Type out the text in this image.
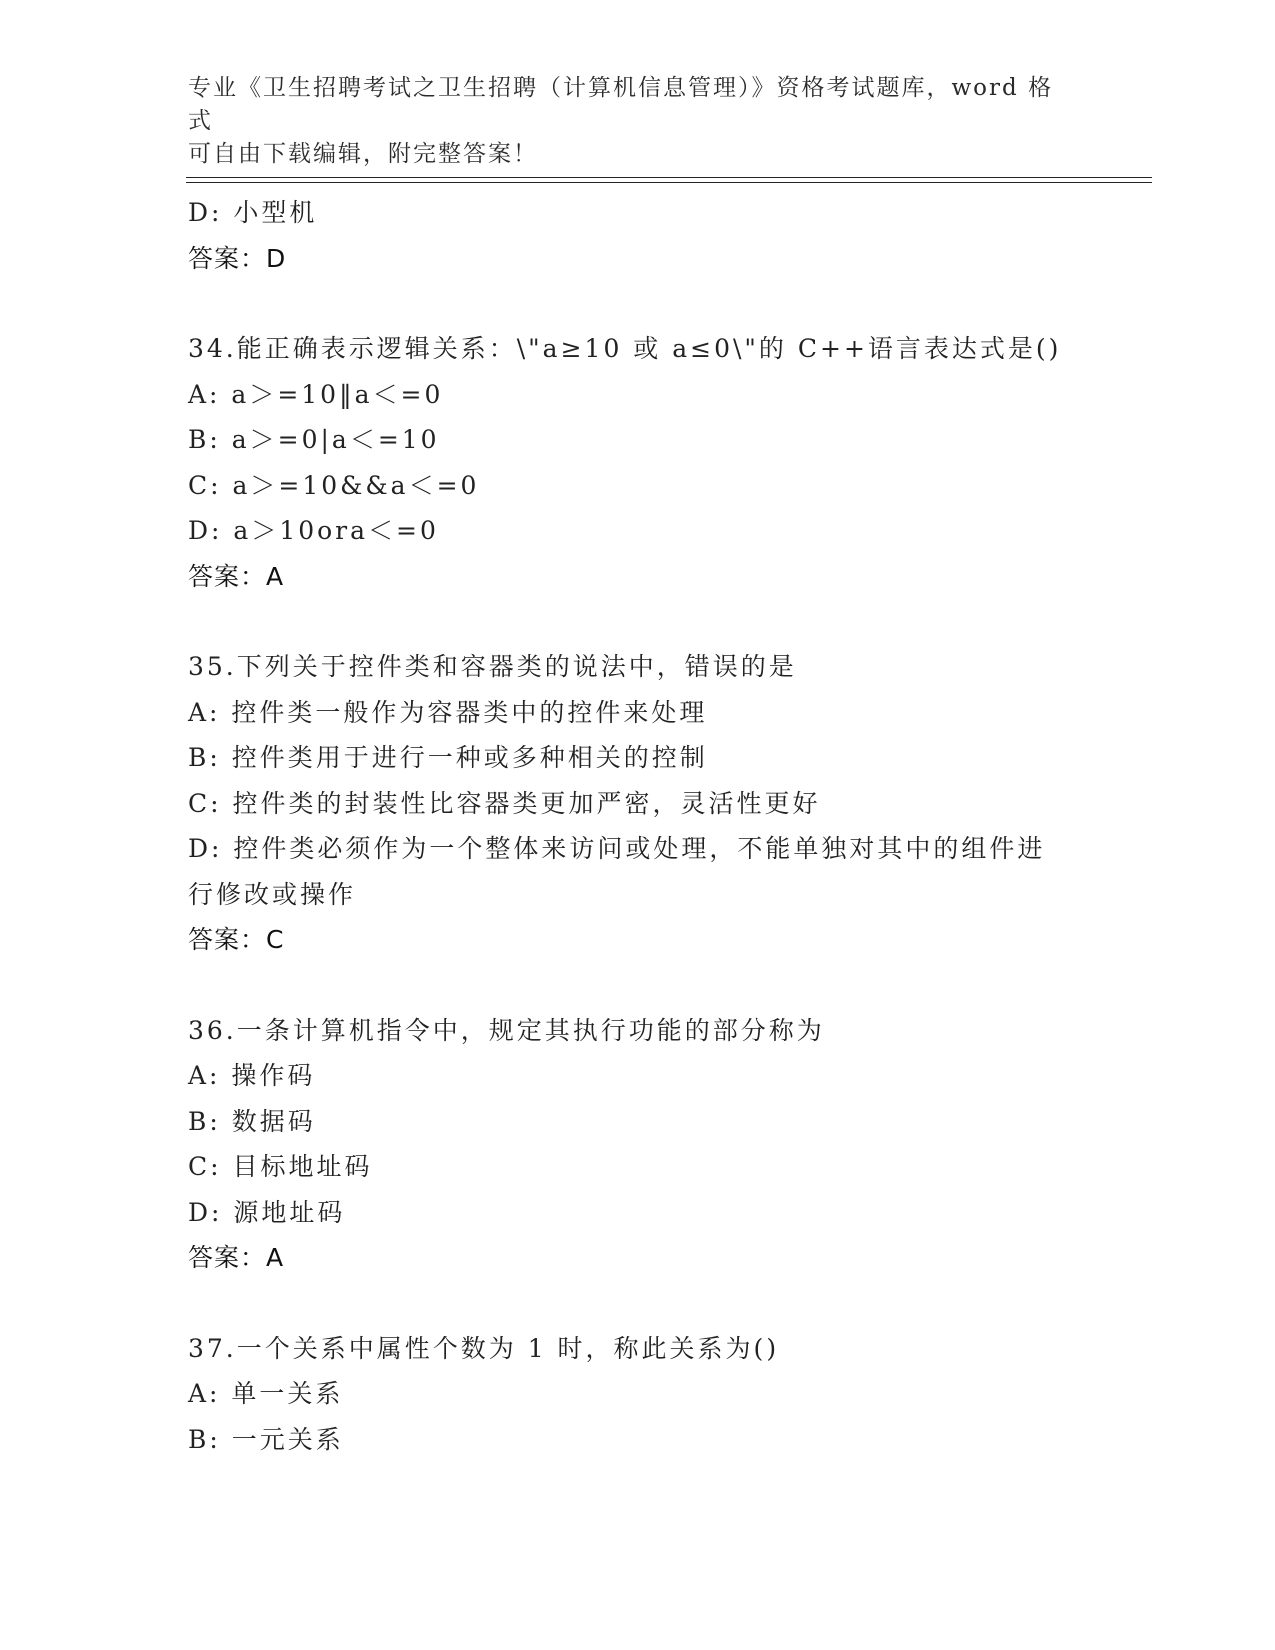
专业《卫生招聘考试之卫生招聘（计算机信息管理）》资格考试题库，word 格式
可自由下载编辑，附完整答案！
D: 小型机
答案：D
34.能正确表示逻辑关系：\"a≥10 或 a≤0\"的 C++语言表达式是()
A: a＞=10‖a＜=0
B: a＞=0|a＜=10
C: a＞=10&&a＜=0
D: a＞10ora＜=0
答案：A
35.下列关于控件类和容器类的说法中，错误的是
A: 控件类一般作为容器类中的控件来处理
B: 控件类用于进行一种或多种相关的控制
C: 控件类的封装性比容器类更加严密，灵活性更好
D: 控件类必须作为一个整体来访问或处理，不能单独对其中的组件进
行修改或操作
答案：C
36.一条计算机指令中，规定其执行功能的部分称为
A: 操作码
B: 数据码
C: 目标地址码
D: 源地址码
答案：A
37.一个关系中属性个数为 1 时，称此关系为()
A: 单一关系
B: 一元关系
